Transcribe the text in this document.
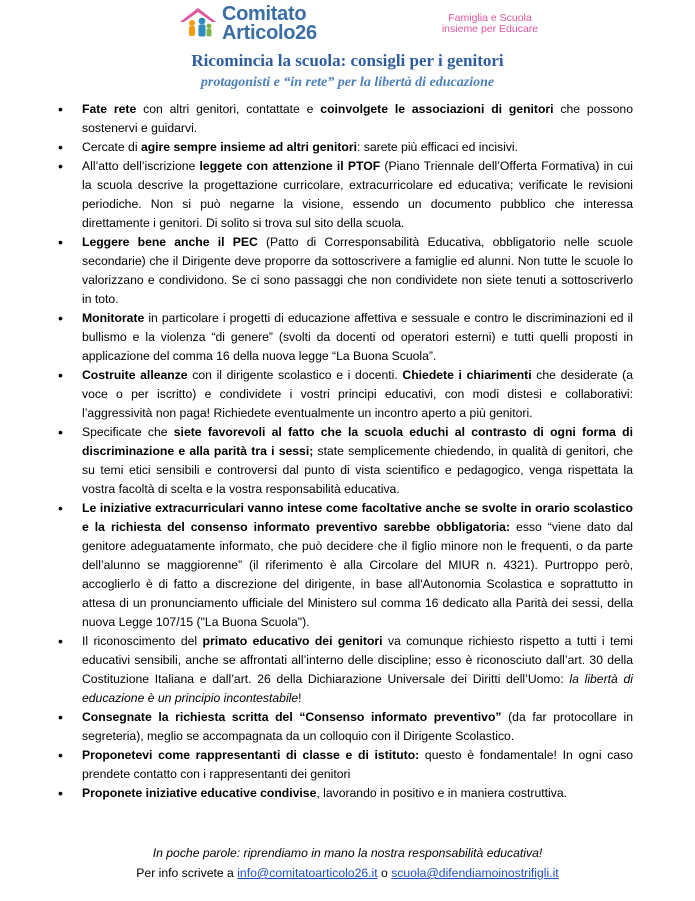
Comitato
Articolo26
Famiglia e Scuola
insieme per Educare
Ricomincia la scuola: consigli per i genitori
protagonisti e “in rete” per la libertà di educazione
• Fate rete con altri genitori, contattate e coinvolgete le associazioni di genitori che possono sostenervi e guidarvi.
• Cercate di agire sempre insieme ad altri genitori: sarete più efficaci ed incisivi.
• All’atto dell’iscrizione leggete con attenzione il PTOF (Piano Triennale dell’Offerta Formativa) in cui la scuola descrive la progettazione curricolare, extracurricolare ed educativa; verificate le revisioni periodiche. Non si può negarne la visione, essendo un documento pubblico che interessa direttamente i genitori. Di solito si trova sul sito della scuola.
• Leggere bene anche il PEC (Patto di Corresponsabilità Educativa, obbligatorio nelle scuole secondarie) che il Dirigente deve proporre da sottoscrivere a famiglie ed alunni. Non tutte le scuole lo valorizzano e condividono. Se ci sono passaggi che non condividete non siete tenuti a sottoscriverlo in toto.
• Monitorate in particolare i progetti di educazione affettiva e sessuale e contro le discriminazioni ed il bullismo e la violenza “di genere” (svolti da docenti od operatori esterni) e tutti quelli proposti in applicazione del comma 16 della nuova legge “La Buona Scuola”.
• Costruite alleanze con il dirigente scolastico e i docenti. Chiedete i chiarimenti che desiderate (a voce o per iscritto) e condividete i vostri principi educativi, con modi distesi e collaborativi: l’aggressività non paga! Richiedete eventualmente un incontro aperto a più genitori.
• Specificate che siete favorevoli al fatto che la scuola educhi al contrasto di ogni forma di discriminazione e alla parità tra i sessi; state semplicemente chiedendo, in qualità di genitori, che su temi etici sensibili e controversi dal punto di vista scientifico e pedagogico, venga rispettata la vostra facoltà di scelta e la vostra responsabilità educativa.
• Le iniziative extracurriculari vanno intese come facoltative anche se svolte in orario scolastico e la richiesta del consenso informato preventivo sarebbe obbligatoria: esso “viene dato dal genitore adeguatamente informato, che può decidere che il figlio minore non le frequenti, o da parte dell’alunno se maggiorenne” (il riferimento è alla Circolare del MIUR n. 4321). Purtroppo però, accoglierlo è di fatto a discrezione del dirigente, in base all'Autonomia Scolastica e soprattutto in attesa di un pronunciamento ufficiale del Ministero sul comma 16 dedicato alla Parità dei sessi, della nuova Legge 107/15 ("La Buona Scuola").
• Il riconoscimento del primato educativo dei genitori va comunque richiesto rispetto a tutti i temi educativi sensibili, anche se affrontati all’interno delle discipline; esso è riconosciuto dall’art. 30 della Costituzione Italiana e dall’art. 26 della Dichiarazione Universale dei Diritti dell’Uomo: la libertà di educazione è un principio incontestabile!
• Consegnate la richiesta scritta del “Consenso informato preventivo” (da far protocollare in segreteria), meglio se accompagnata da un colloquio con il Dirigente Scolastico.
• Proponetevi come rappresentanti di classe e di istituto: questo è fondamentale! In ogni caso prendete contatto con i rappresentanti dei genitori
• Proponete iniziative educative condivise, lavorando in positivo e in maniera costruttiva.
In poche parole: riprendiamo in mano la nostra responsabilità educativa!
Per info scrivete a info@comitatoarticolo26.it o scuola@difendiamoinostrifigli.it
